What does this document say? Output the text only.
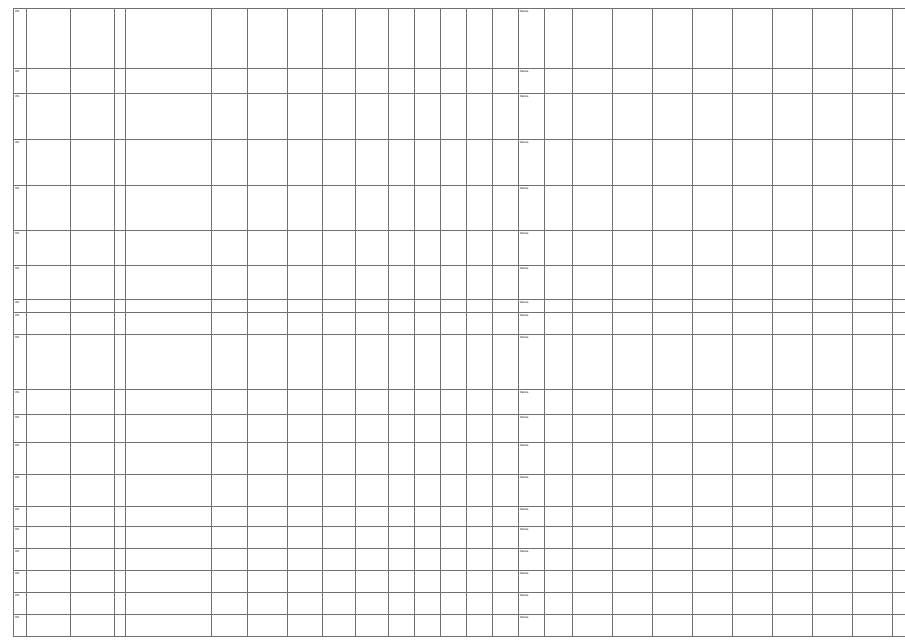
361															Rabota										

361															Rabota										

361															Rabota										

361															Rabota										

361															Rabota										

361															Rabota										

361															Rabota										

361															Rabota										

361															Rabota										

361															Rabota										

361															Rabota										

361															Rabota										

361															Rabota										

361															Rabota										

361															Rabota										

361															Rabota										

361															Rabota										

361															Rabota										

361															Rabota										

361															Rabota										
